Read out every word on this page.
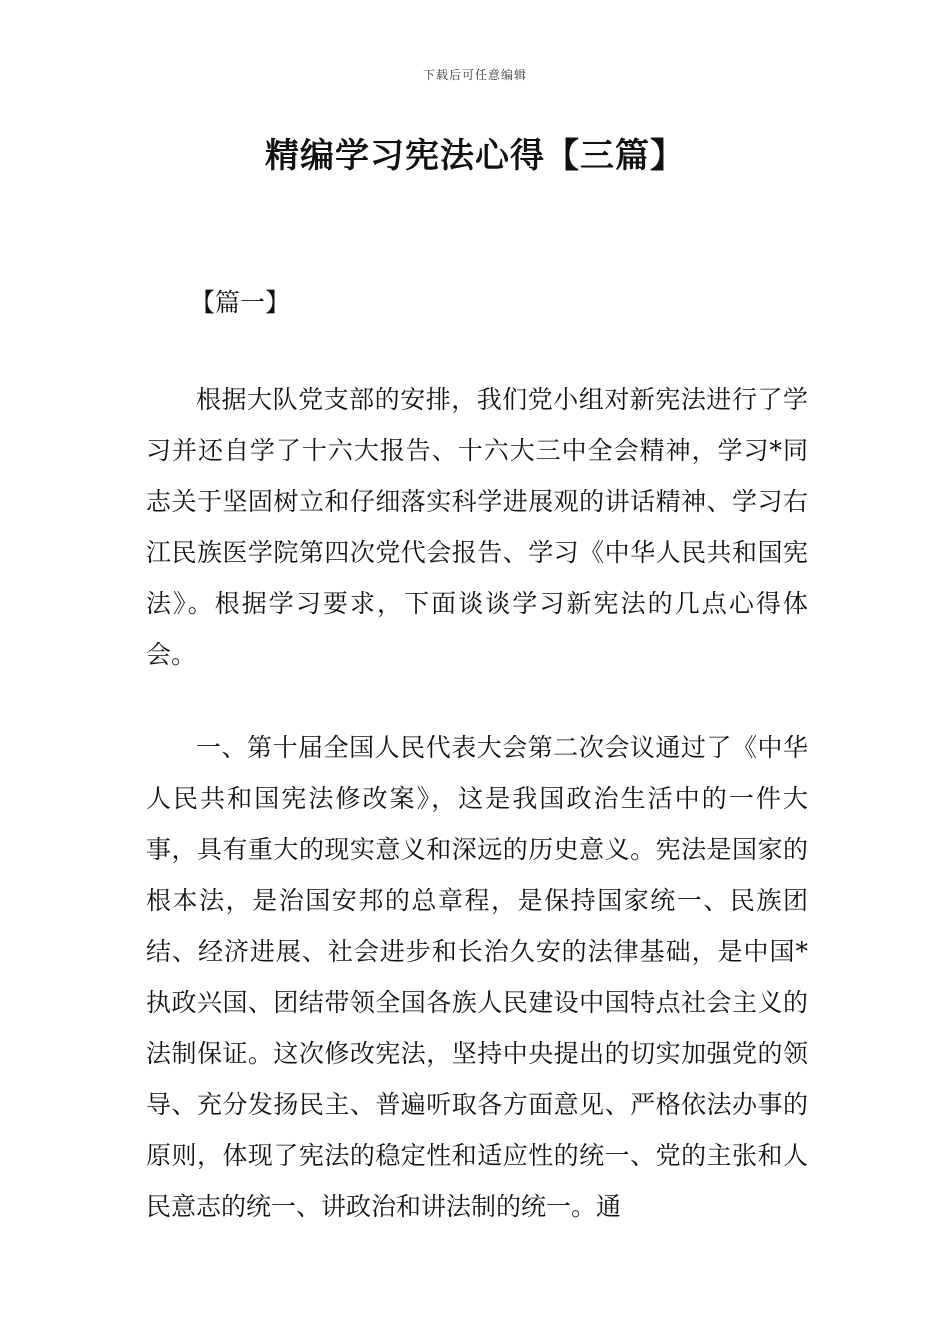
下载后可任意编辑
精编学习宪法心得【三篇】
【篇一】

根据大队党支部的安排，我们党小组对新宪法进行了学习并还自学了十六大报告、十六大三中全会精神，学习*同志关于坚固树立和仔细落实科学进展观的讲话精神、学习右江民族医学院第四次党代会报告、学习《中华人民共和国宪法》。根据学习要求，下面谈谈学习新宪法的几点心得体会。

一、第十届全国人民代表大会第二次会议通过了《中华人民共和国宪法修改案》，这是我国政治生活中的一件大事，具有重大的现实意义和深远的历史意义。宪法是国家的根本法，是治国安邦的总章程，是保持国家统一、民族团结、经济进展、社会进步和长治久安的法律基础，是中国*执政兴国、团结带领全国各族人民建设中国特点社会主义的法制保证。这次修改宪法，坚持中央提出的切实加强党的领导、充分发扬民主、普遍听取各方面意见、严格依法办事的原则，体现了宪法的稳定性和适应性的统一、党的主张和人民意志的统一、讲政治和讲法制的统一。通
